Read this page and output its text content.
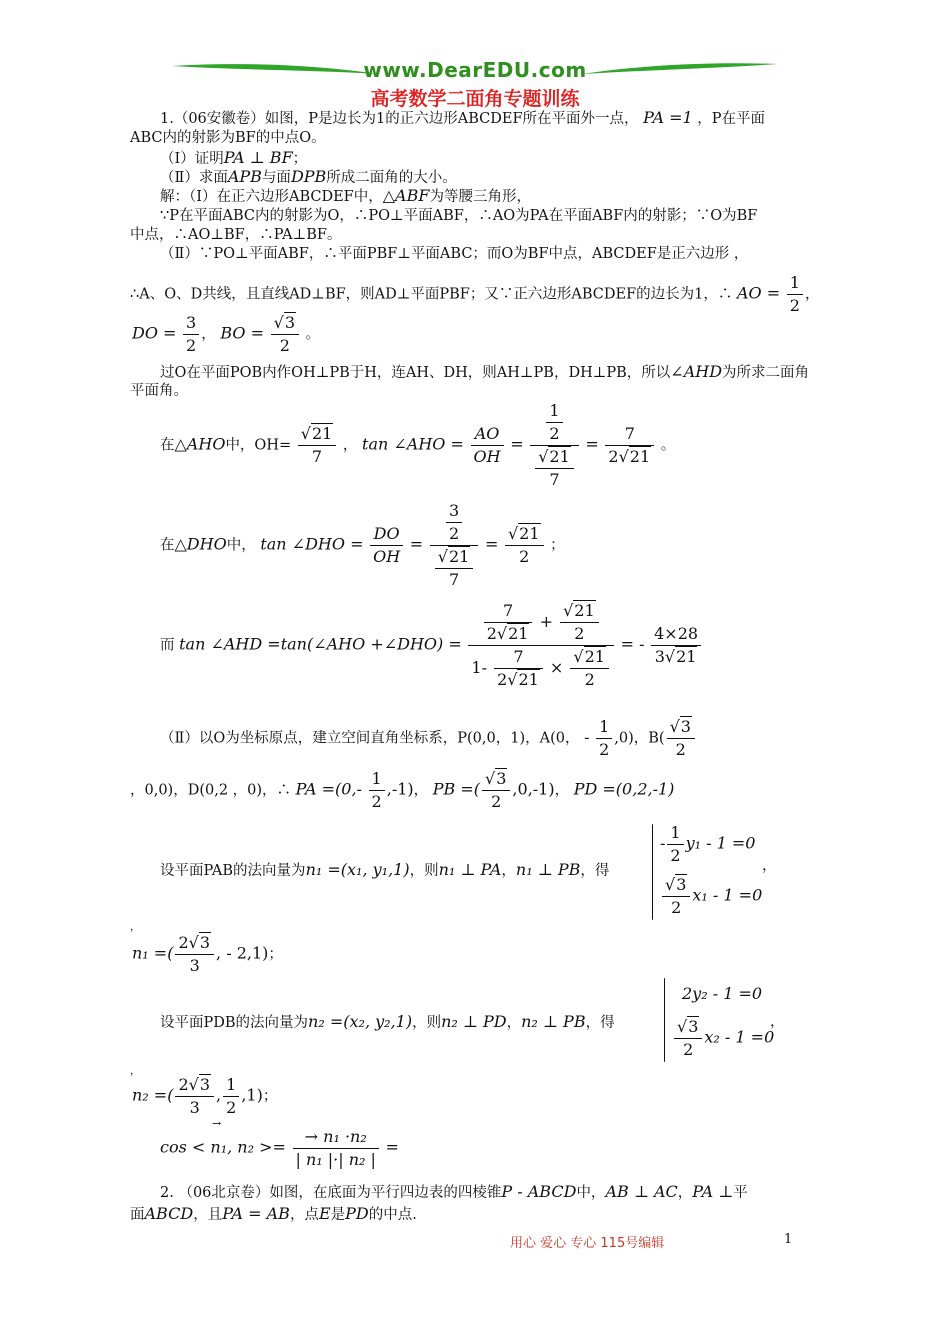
www.DearEDU.com
高考数学二面角专题训练
1.（06安徽卷）如图，P是边长为1的正六边形ABCDEF所在平面外一点， PA =1 ，P在平面
ABC内的射影为BF的中点O。
（Ⅰ）证明PA ⊥ BF；
（Ⅱ）求面APB与面DPB所成二面角的大小。
解：（Ⅰ）在正六边形ABCDEF中，△ABF为等腰三角形，
∵P在平面ABC内的射影为O，∴PO⊥平面ABF，∴AO为PA在平面ABF内的射影；∵O为BF
中点，∴AO⊥BF，∴PA⊥BF。
（Ⅱ）∵PO⊥平面ABF，∴平面PBF⊥平面ABC；而O为BF中点，ABCDEF是正六边形 ，
∴A、O、D共线，且直线AD⊥BF，则AD⊥平面PBF；又∵正六边形ABCDEF的边长为1，∴ AO = $\frac{1}{2}$ ，
DO = $\frac{3}{2}$ ， BO = $\frac{√3}{2}$ 。
过O在平面POB内作OH⊥PB于H，连AH、DH，则AH⊥PB，DH⊥PB，所以∠AHD为所求二面角
平面角。
在△AHO中，$OH= \frac{√21}{7}$ ， tan ∠AHO = $\frac{AO}{OH} = \frac{\frac{1}{2}}{\frac{√21}{7}} = \frac{7}{2√21}$ 。
在△DHO中， tan ∠DHO = $\frac{DO}{OH} = \frac{\frac{3}{2}}{\frac{√21}{7}} = \frac{√21}{2}$ ；
而 tan ∠AHD =tan(∠AHO +∠DHO) = $\frac{\frac{7}{2√21} + \frac{√21}{2}}{1- \frac{7}{2√21} \times \frac{√21}{2}}$ = - $\frac{4\times 28}{3√21}$
（Ⅱ）以O为坐标原点，建立空间直角坐标系，P(0,0，1)，A(0， - $\frac{1}{2} ,0$)，$B( \frac{√3}{2}$
，0,0)，D(0,2 ，0)，∴ PA $=(0,- \frac{1}{2} ,-1)$， PB =( $\frac{√3}{2} ,0,-1$)， PD =(0,2,-1)
设平面PAB的法向量为n₁ =(x₁, y₁,1)，则n₁ ⊥ PA，n₁ ⊥ PB，得
- $\frac{1}{2} y_1 - 1 =0$
$\frac{√3}{2} x_1 - 1 =0$
，
，
n₁ =( $\frac{2√3}{3}$ , - 2,1)；
设平面PDB的法向量为n₂ =(x₂, y₂,1)，则n₂ ⊥ PD，n₂ ⊥ PB，得
2y₂ - 1 =0
$\frac{√3}{2} x_2 - 1 =0$
，
，
n₂ =( $\frac{2√3}{3}$ , $\frac{1}{2} ,1$)；
→
cos < n₁, $n_2 >= \frac{\text{→ n₁ ·n₂}}{\text{| n₁ |·| n₂ |}}$ =
2. （06北京卷）如图，在底面为平行四边表的四棱锥P - ABCD中，AB ⊥ AC，PA ⊥平
面ABCD，且PA = AB，点E是PD的中点.
用心 爱心 专心 115号编辑	1
